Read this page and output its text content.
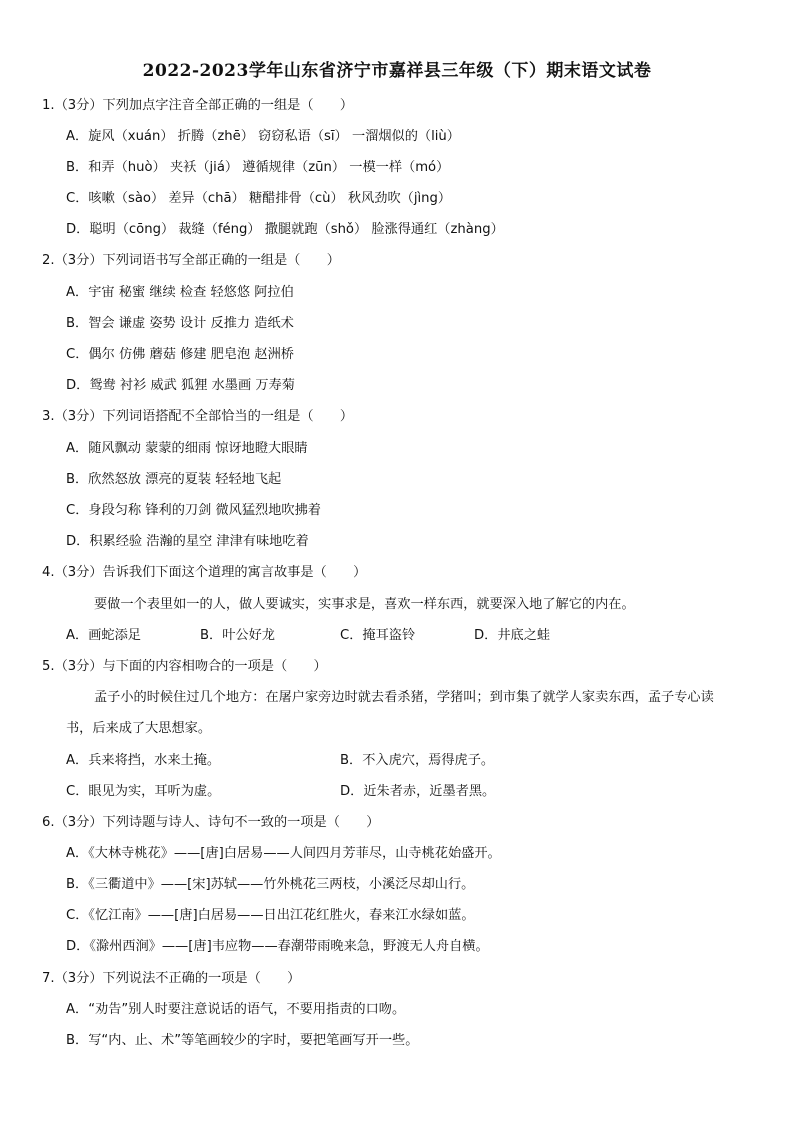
2022-2023学年山东省济宁市嘉祥县三年级（下）期末语文试卷
1.（3分）下列加点字注音全部正确的一组是（　　）
A．旋风（xuán） 折腾（zhē） 窃窃私语（sī） 一溜烟似的（liù）
B．和弄（huò） 夹袄（jiá） 遵循规律（zūn） 一模一样（mó）
C．咳嗽（sào） 差异（chā） 糖醋排骨（cù） 秋风劲吹（jìng）
D．聪明（cōng） 裁缝（féng） 撒腿就跑（shǒ） 脸涨得通红（zhàng）
2.（3分）下列词语书写全部正确的一组是（　　）
A．宇宙 秘蜜 继续 检查 轻悠悠 阿拉伯
B．智会 谦虚 姿势 设计 反推力 造纸术
C．偶尔 仿佛 蘑菇 修建 肥皂泡 赵洲桥
D．鸳鸯 衬衫 威武 狐狸 水墨画 万寿菊
3.（3分）下列词语搭配不全部恰当的一组是（　　）
A．随风飘动 蒙蒙的细雨 惊讶地瞪大眼睛
B．欣然怒放 漂亮的夏装 轻轻地飞起
C．身段匀称 锋利的刀剑 微风猛烈地吹拂着
D．积累经验 浩瀚的星空 津津有味地吃着
4.（3分）告诉我们下面这个道理的寓言故事是（　　）
要做一个表里如一的人，做人要诚实，实事求是，喜欢一样东西，就要深入地了解它的内在。
A．画蛇添足	B．叶公好龙	C．掩耳盗铃	D．井底之蛙
5.（3分）与下面的内容相吻合的一项是（　　）
孟子小的时候住过几个地方：在屠户家旁边时就去看杀猪，学猪叫；到市集了就学人家卖东西，孟子专心读
书，后来成了大思想家。
A．兵来将挡，水来土掩。	B．不入虎穴，焉得虎子。
C．眼见为实，耳听为虚。	D．近朱者赤，近墨者黑。
6.（3分）下列诗题与诗人、诗句不一致的一项是（　　）
A．《大林寺桃花》——[唐]白居易——人间四月芳菲尽，山寺桃花始盛开。
B．《三衢道中》——[宋]苏轼——竹外桃花三两枝，小溪泛尽却山行。
C．《忆江南》——[唐]白居易——日出江花红胜火，春来江水绿如蓝。
D．《滁州西涧》——[唐]韦应物——春潮带雨晚来急，野渡无人舟自横。
7.（3分）下列说法不正确的一项是（　　）
A．“劝告”别人时要注意说话的语气，不要用指责的口吻。
B．写“内、止、术”等笔画较少的字时，要把笔画写开一些。
